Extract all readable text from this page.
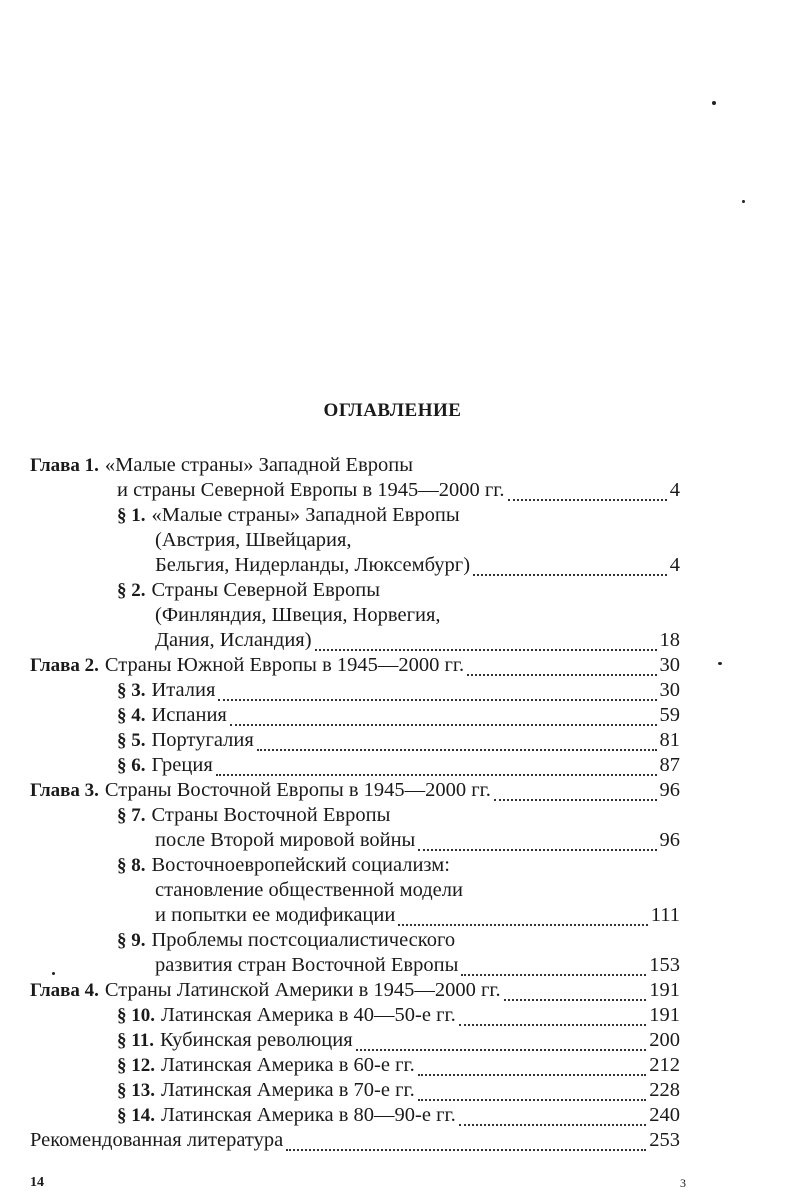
ОГЛАВЛЕНИЕ
Глава 1. «Малые страны» Западной Европы
и страны Северной Европы в 1945—2000 гг.	4
§ 1. «Малые страны» Западной Европы
(Австрия, Швейцария,
Бельгия, Нидерланды, Люксембург)	4
§ 2. Страны Северной Европы
(Финляндия, Швеция, Норвегия,
Дания, Исландия)	18
Глава 2. Страны Южной Европы в 1945—2000 гг.	30
§ 3. Италия	30
§ 4. Испания	59
§ 5. Португалия	81
§ 6. Греция	87
Глава 3. Страны Восточной Европы в 1945—2000 гг.	96
§ 7. Страны Восточной Европы
после Второй мировой войны	96
§ 8. Восточноевропейский социализм:
становление общественной модели
и попытки ее модификации	111
§ 9. Проблемы постсоциалистического
развития стран Восточной Европы	153
Глава 4. Страны Латинской Америки в 1945—2000 гг.	191
§ 10. Латинская Америка в 40—50-е гг.	191
§ 11. Кубинская революция	200
§ 12. Латинская Америка в 60-е гг.	212
§ 13. Латинская Америка в 70-е гг.	228
§ 14. Латинская Америка в 80—90-е гг.	240
Рекомендованная литература	253
14	3
